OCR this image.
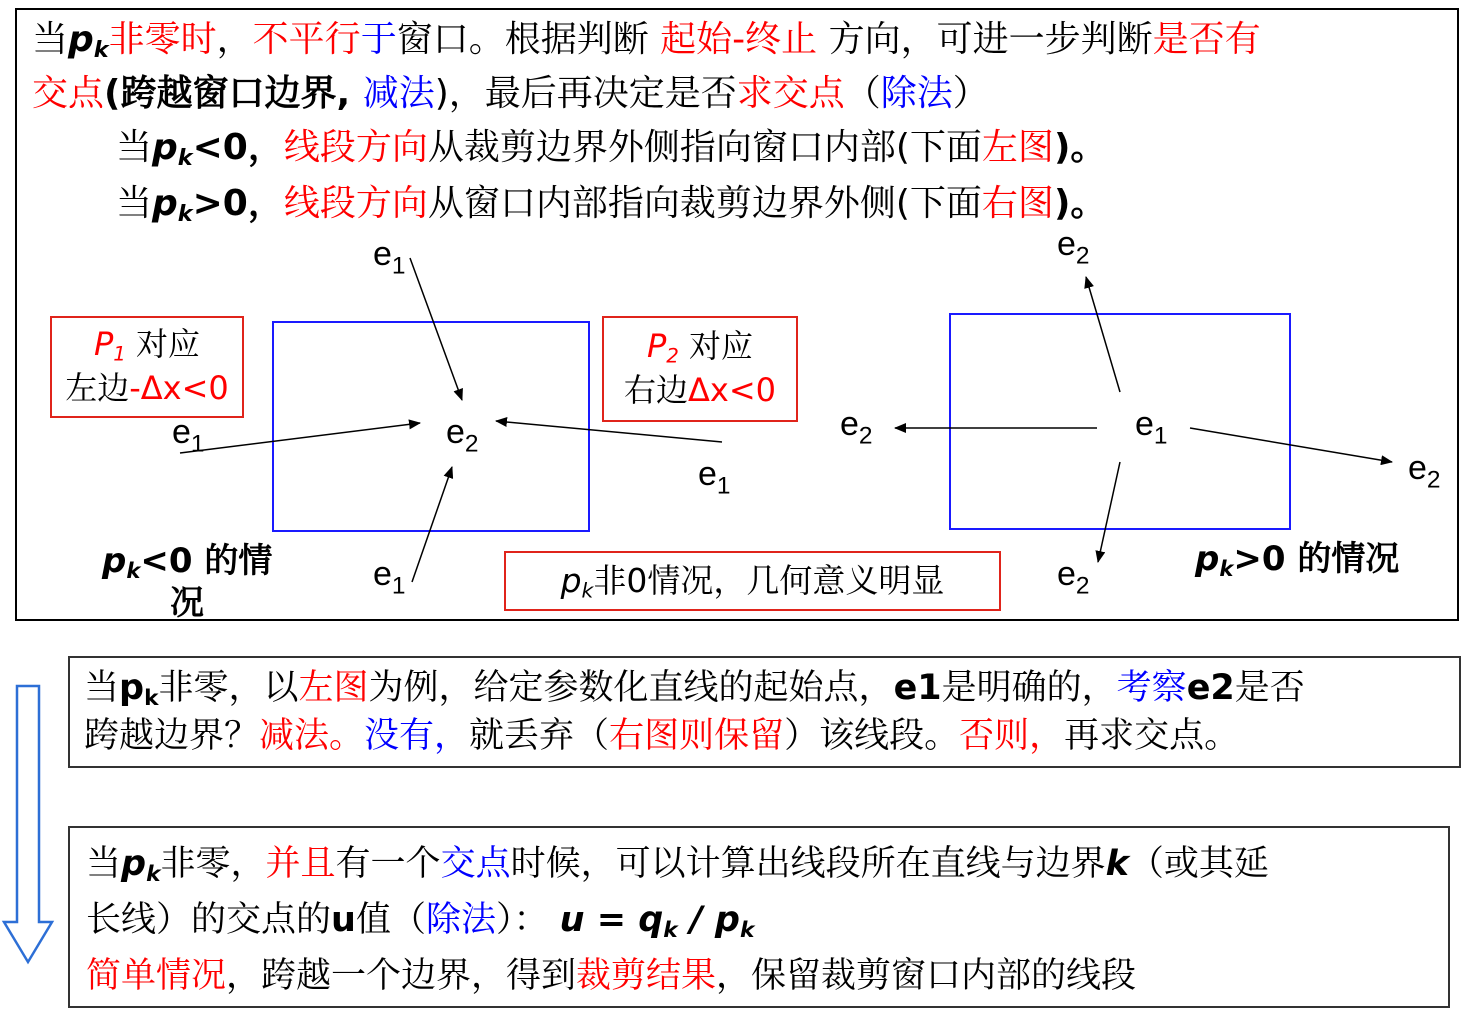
当$p_k$非零时，不平行于窗口。根据判断 起始-终止 方向，可进一步判断是否有
交点(跨越窗口边界, 减法)，最后再决定是否求交点（除法）
当$p_k<0$，线段方向从裁剪边界外侧指向窗口内部(下面左图)。
当$p_k>0$，线段方向从窗口内部指向裁剪边界外侧(下面右图)。
$e_1$
$e_1$	$e_2$
$e_1$
$e_1$
$e_2$
$e_2$	$e_1$
$e_2$
$e_2$
$P_1$ 对应
左边-Δx<0
$P_2$ 对应
右边Δx<0
$p_k$非0情况，几何意义明显
$p_k<0$ 的情
况
$p_k>0$ 的情况
当$p_k$非零，以左图为例，给定参数化直线的起始点，e1是明确的，考察e2是否
跨越边界？减法。没有，就丢弃（右图则保留）该线段。否则，再求交点。
当$p_k$非零，并且有一个交点时候，可以计算出线段所在直线与边界k（或其延
长线）的交点的u值（除法）： $u = q_k / p_k$
简单情况，跨越一个边界，得到裁剪结果，保留裁剪窗口内部的线段
